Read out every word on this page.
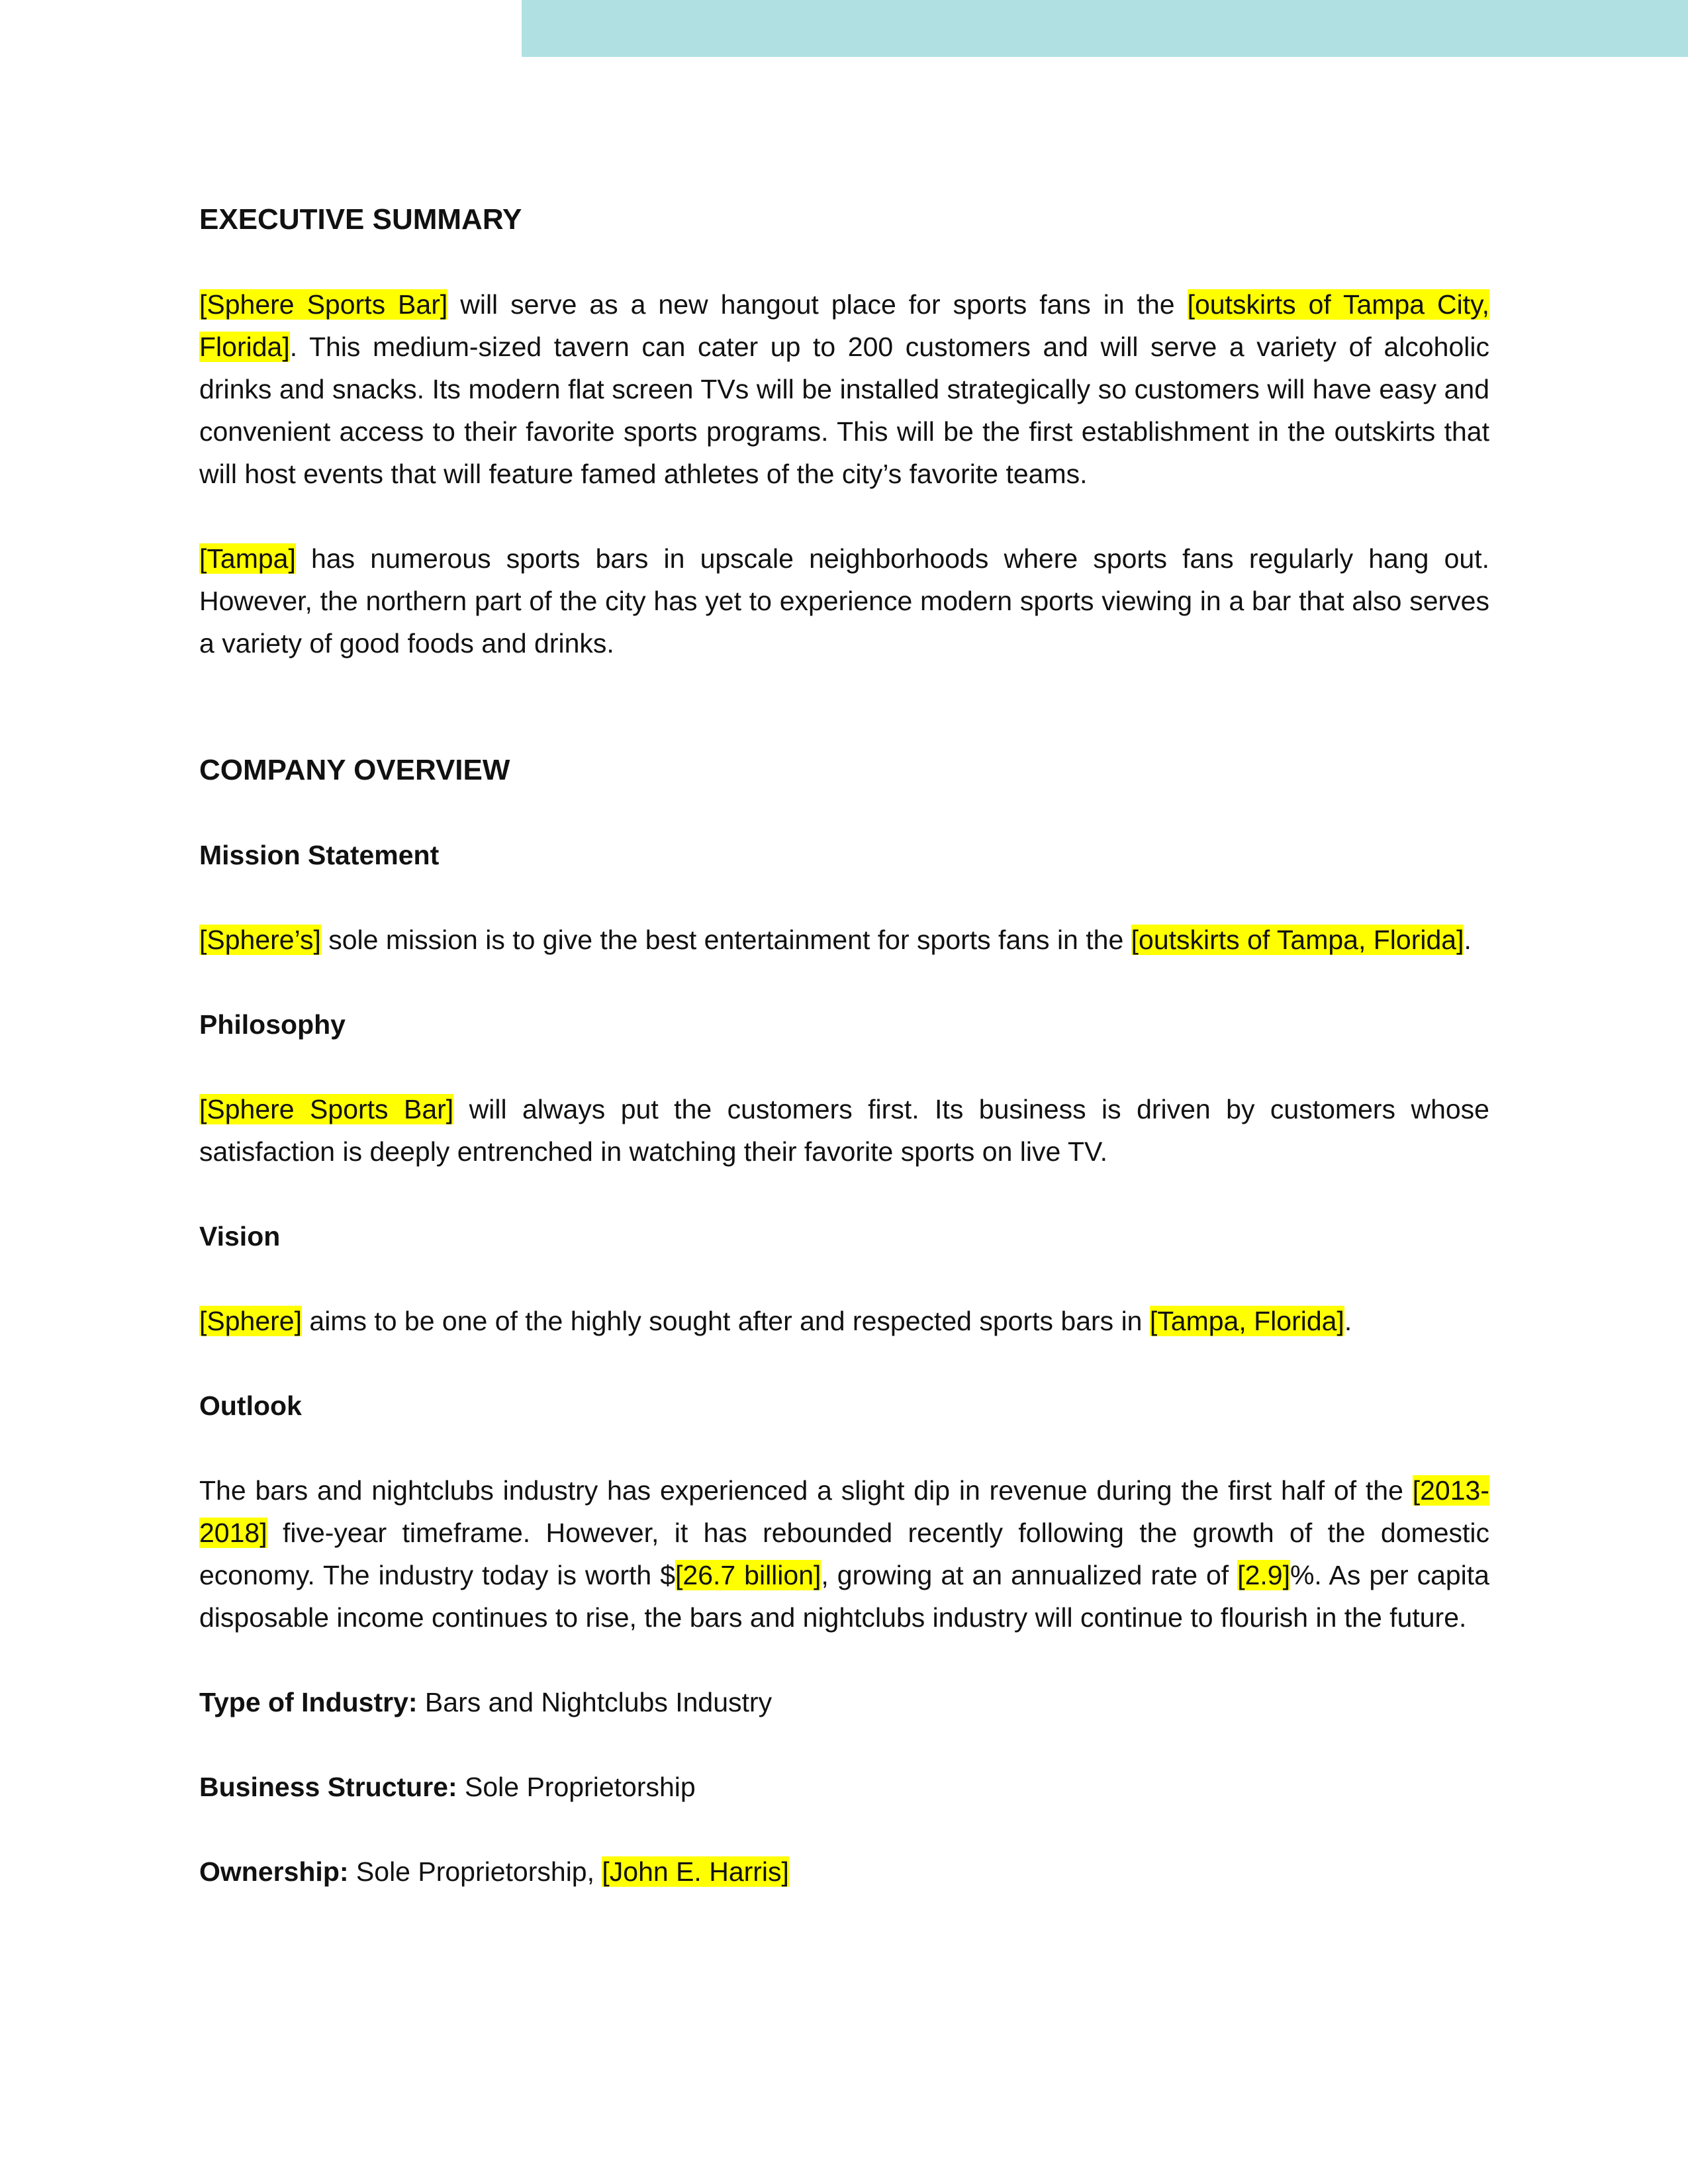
EXECUTIVE SUMMARY

[Sphere Sports Bar] will serve as a new hangout place for sports fans in the [outskirts of Tampa City, Florida]. This medium-sized tavern can cater up to 200 customers and will serve a variety of alcoholic drinks and snacks. Its modern flat screen TVs will be installed strategically so customers will have easy and convenient access to their favorite sports programs. This will be the first establishment in the outskirts that will host events that will feature famed athletes of the city’s favorite teams.

[Tampa] has numerous sports bars in upscale neighborhoods where sports fans regularly hang out. However, the northern part of the city has yet to experience modern sports viewing in a bar that also serves a variety of good foods and drinks.

COMPANY OVERVIEW
Mission Statement

[Sphere’s] sole mission is to give the best entertainment for sports fans in the [outskirts of Tampa, Florida].

Philosophy

[Sphere Sports Bar] will always put the customers first. Its business is driven by customers whose satisfaction is deeply entrenched in watching their favorite sports on live TV.

Vision

[Sphere] aims to be one of the highly sought after and respected sports bars in [Tampa, Florida].

Outlook

The bars and nightclubs industry has experienced a slight dip in revenue during the first half of the [2013-2018] five-year timeframe. However, it has rebounded recently following the growth of the domestic economy. The industry today is worth $[26.7 billion], growing at an annualized rate of [2.9]%. As per capita disposable income continues to rise, the bars and nightclubs industry will continue to flourish in the future.

Type of Industry: Bars and Nightclubs Industry

Business Structure: Sole Proprietorship

Ownership: Sole Proprietorship, [John E. Harris]
